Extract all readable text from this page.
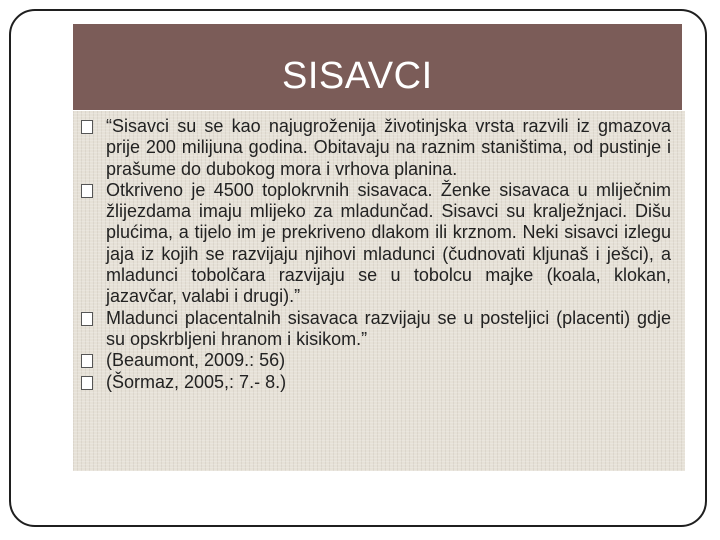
SISAVCI
“Sisavci su se kao najugroženija životinjska vrsta razvili iz gmazova prije 200 milijuna godina. Obitavaju na raznim staništima, od pustinje i prašume do dubokog mora i vrhova planina.
Otkriveno je 4500 toplokrvnih sisavaca. Ženke sisavaca u mliječnim žlijezdama imaju mlijeko za mladunčad. Sisavci su kralježnjaci. Dišu plućima, a tijelo im je prekriveno dlakom ili krznom. Neki sisavci izlegu jaja iz kojih se razvijaju njihovi mladunci (čudnovati kljunaš i ješci), a mladunci tobolčara razvijaju se u tobolcu majke (koala, klokan, jazavčar, valabi i drugi).”
Mladunci placentalnih sisavaca razvijaju se u posteljici (placenti) gdje su opskrbljeni hranom i kisikom.”
(Beaumont, 2009.: 56)
(Šormaz, 2005,: 7.- 8.)
